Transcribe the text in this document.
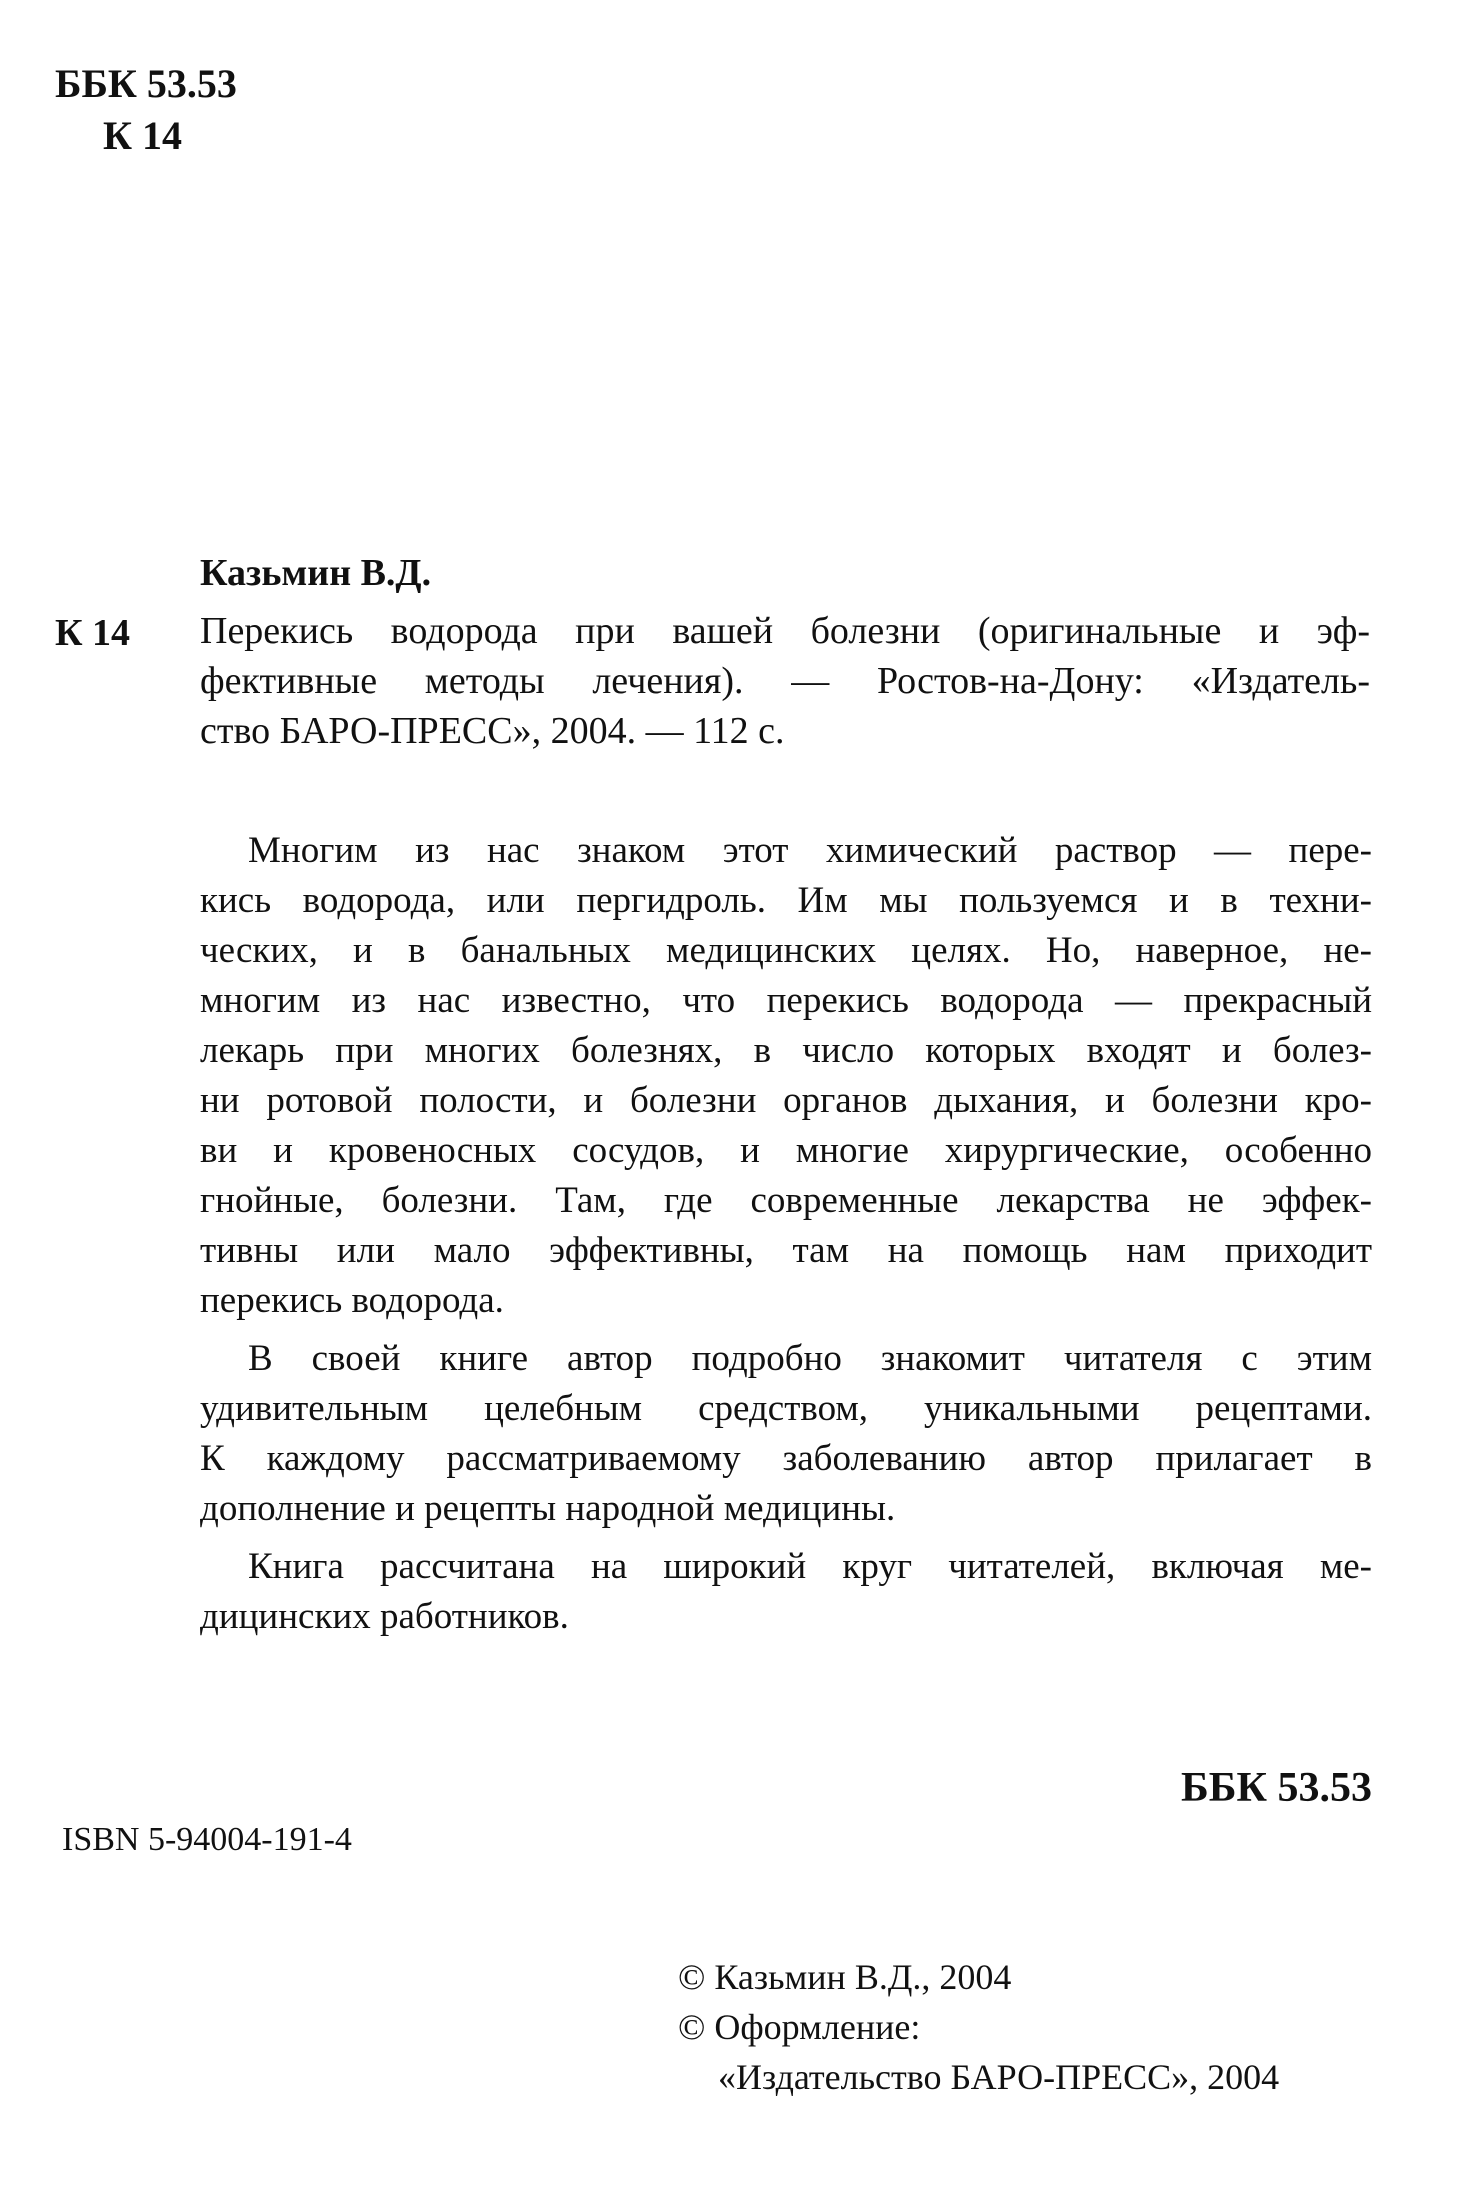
ББК 53.53
К 14
Казьмин В.Д.
К 14 Перекись водорода при вашей болезни (оригинальные и эф-
фективные методы лечения). — Ростов-на-Дону: «Издатель-
ство БАРО-ПРЕСС», 2004. — 112 с.
Многим из нас знаком этот химический раствор — пере-
кись водорода, или пергидроль. Им мы пользуемся и в техни-
ческих, и в банальных медицинских целях. Но, наверное, не-
многим из нас известно, что перекись водорода — прекрасный
лекарь при многих болезнях, в число которых входят и болез-
ни ротовой полости, и болезни органов дыхания, и болезни кро-
ви и кровеносных сосудов, и многие хирургические, особенно
гнойные, болезни. Там, где современные лекарства не эффек-
тивны или мало эффективны, там на помощь нам приходит
перекись водорода.
В своей книге автор подробно знакомит читателя с этим
удивительным целебным средством, уникальными рецептами.
К каждому рассматриваемому заболеванию автор прилагает в
дополнение и рецепты народной медицины.
Книга рассчитана на широкий круг читателей, включая ме-
дицинских работников.
ББК 53.53
ISBN 5-94004-191-4
© Казьмин В.Д., 2004
© Оформление:
«Издательство БАРО-ПРЕСС», 2004
